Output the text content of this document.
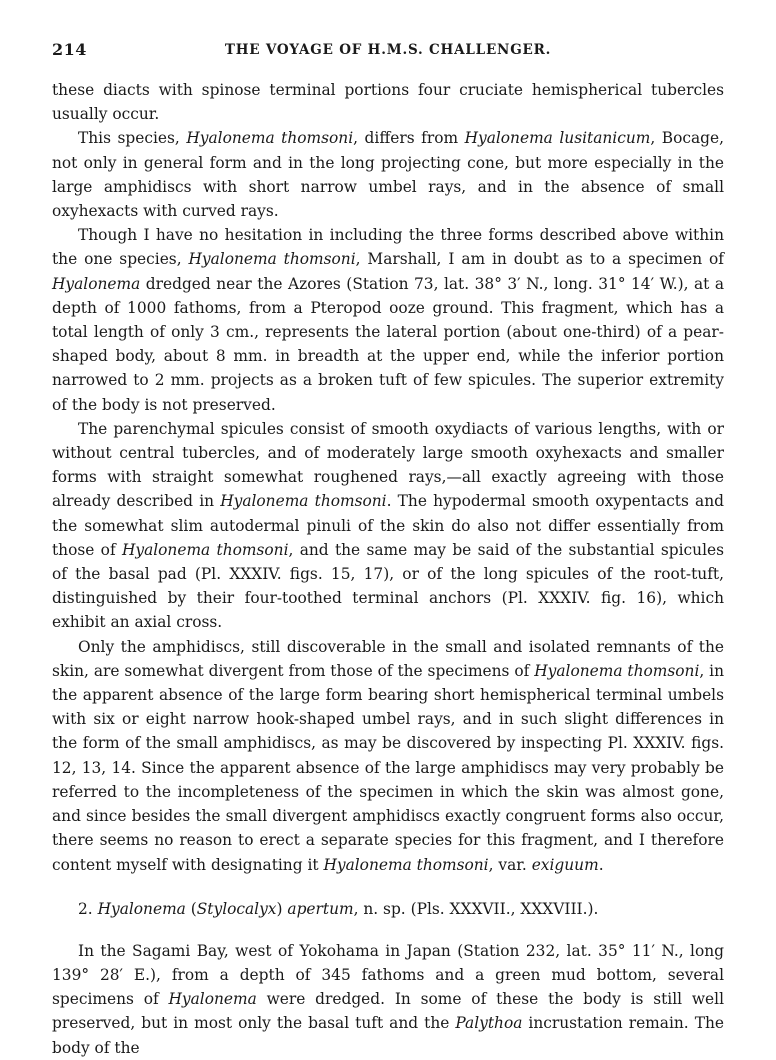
214	THE VOYAGE OF H.M.S. CHALLENGER.

these diacts with spinose terminal portions four cruciate hemispherical tubercles usually occur.

This species, Hyalonema thomsoni, differs from Hyalonema lusitanicum, Bocage, not only in general form and in the long projecting cone, but more especially in the large amphidiscs with short narrow umbel rays, and in the absence of small oxyhexacts with curved rays.

Though I have no hesitation in including the three forms described above within the one species, Hyalonema thomsoni, Marshall, I am in doubt as to a specimen of Hyalonema dredged near the Azores (Station 73, lat. 38° 3′ N., long. 31° 14′ W.), at a depth of 1000 fathoms, from a Pteropod ooze ground. This fragment, which has a total length of only 3 cm., represents the lateral portion (about one-third) of a pear-shaped body, about 8 mm. in breadth at the upper end, while the inferior portion narrowed to 2 mm. projects as a broken tuft of few spicules. The superior extremity of the body is not preserved.

The parenchymal spicules consist of smooth oxydiacts of various lengths, with or without central tubercles, and of moderately large smooth oxyhexacts and smaller forms with straight somewhat roughened rays,—all exactly agreeing with those already described in Hyalonema thomsoni. The hypodermal smooth oxypentacts and the somewhat slim autodermal pinuli of the skin do also not differ essentially from those of Hyalonema thomsoni, and the same may be said of the substantial spicules of the basal pad (Pl. XXXIV. figs. 15, 17), or of the long spicules of the root-tuft, distinguished by their four-toothed terminal anchors (Pl. XXXIV. fig. 16), which exhibit an axial cross.

Only the amphidiscs, still discoverable in the small and isolated remnants of the skin, are somewhat divergent from those of the specimens of Hyalonema thomsoni, in the apparent absence of the large form bearing short hemispherical terminal umbels with six or eight narrow hook-shaped umbel rays, and in such slight differences in the form of the small amphidiscs, as may be discovered by inspecting Pl. XXXIV. figs. 12, 13, 14. Since the apparent absence of the large amphidiscs may very probably be referred to the incompleteness of the specimen in which the skin was almost gone, and since besides the small divergent amphidiscs exactly congruent forms also occur, there seems no reason to erect a separate species for this fragment, and I therefore content myself with designating it Hyalonema thomsoni, var. exiguum.

2. Hyalonema (Stylocalyx) apertum, n. sp. (Pls. XXXVII., XXXVIII.).

In the Sagami Bay, west of Yokohama in Japan (Station 232, lat. 35° 11′ N., long 139° 28′ E.), from a depth of 345 fathoms and a green mud bottom, several specimens of Hyalonema were dredged. In some of these the body is still well preserved, but in most only the basal tuft and the Palythoa incrustation remain. The body of the
